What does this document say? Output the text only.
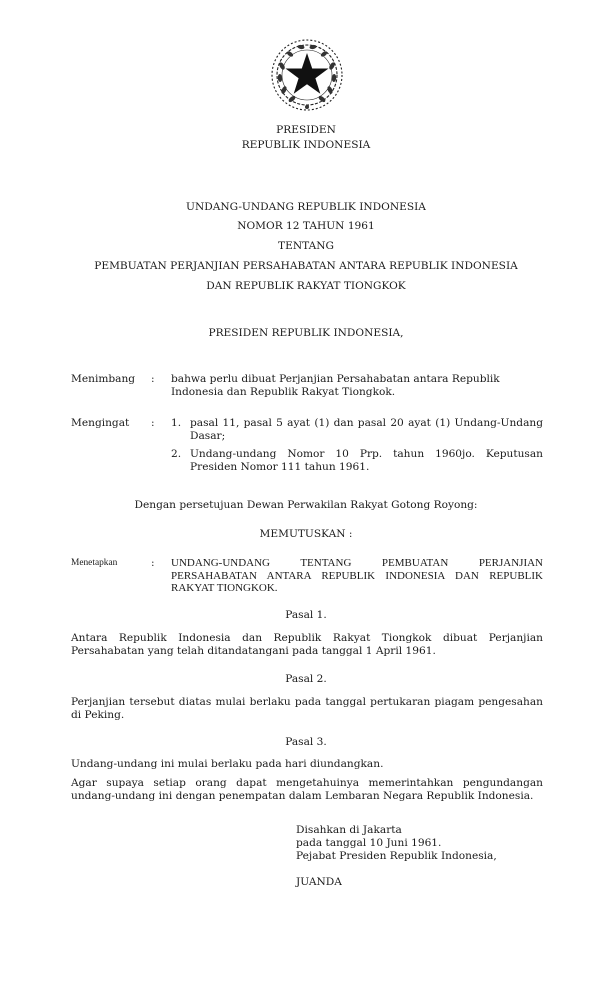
PRESIDEN
REPUBLIK INDONESIA
UNDANG-UNDANG REPUBLIK INDONESIA
NOMOR 12 TAHUN 1961
TENTANG
PEMBUATAN PERJANJIAN PERSAHABATAN ANTARA REPUBLIK INDONESIA
DAN REPUBLIK RAKYAT TIONGKOK
PRESIDEN REPUBLIK INDONESIA,
Menimbang : bahwa perlu dibuat Perjanjian Persahabatan antara Republik Indonesia dan Republik Rakyat Tiongkok.
Mengingat : 1. pasal 11, pasal 5 ayat (1) dan pasal 20 ayat (1) Undang-Undang Dasar;
2. Undang-undang Nomor 10 Prp. tahun 1960jo. Keputusan Presiden Nomor 111 tahun 1961.
Dengan persetujuan Dewan Perwakilan Rakyat Gotong Royong:
MEMUTUSKAN :
Menetapkan	: UNDANG-UNDANG TENTANG PEMBUATAN PERJANJIAN PERSAHABATAN ANTARA REPUBLIK INDONESIA DAN REPUBLIK RAKYAT TIONGKOK.
Pasal 1.
Antara Republik Indonesia dan Republik Rakyat Tiongkok dibuat Perjanjian Persahabatan yang telah ditandatangani pada tanggal 1 April 1961.
Pasal 2.
Perjanjian tersebut diatas mulai berlaku pada tanggal pertukaran piagam pengesahan di Peking.
Pasal 3.
Undang-undang ini mulai berlaku pada hari diundangkan.
Agar supaya setiap orang dapat mengetahuinya memerintahkan pengundangan undang-undang ini dengan penempatan dalam Lembaran Negara Republik Indonesia.
Disahkan di Jakarta
pada tanggal 10 Juni 1961.
Pejabat Presiden Republik Indonesia,
JUANDA
